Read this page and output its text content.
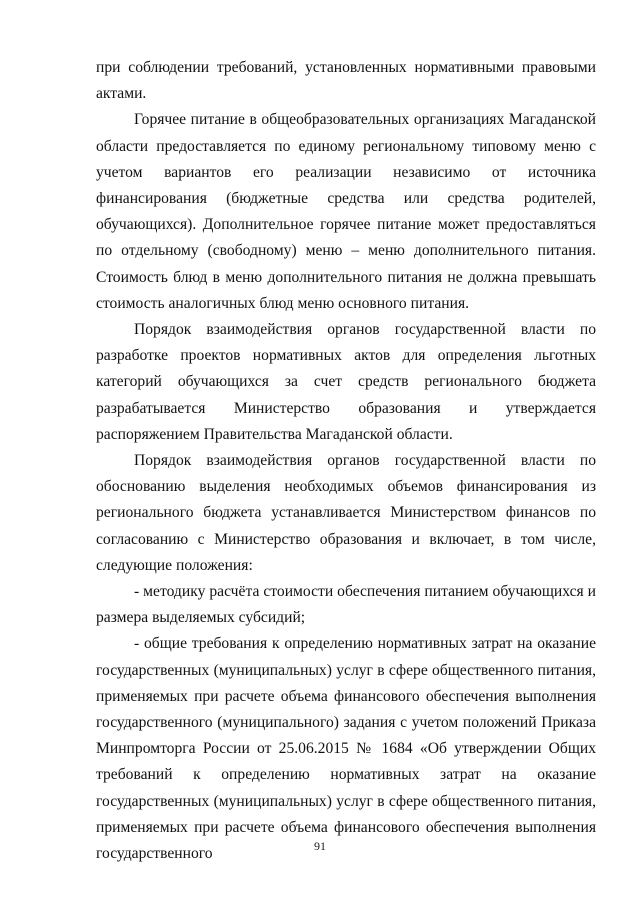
при соблюдении требований, установленных нормативными правовыми актами.

Горячее питание в общеобразовательных организациях Магаданской области предоставляется по единому региональному типовому меню с учетом вариантов его реализации независимо от источника финансирования (бюджетные средства или средства родителей, обучающихся). Дополнительное горячее питание может предоставляться по отдельному (свободному) меню – меню дополнительного питания. Стоимость блюд в меню дополнительного питания не должна превышать стоимость аналогичных блюд меню основного питания.

Порядок взаимодействия органов государственной власти по разработке проектов нормативных актов для определения льготных категорий обучающихся за счет средств регионального бюджета разрабатывается Министерство образования и утверждается распоряжением Правительства Магаданской области.

Порядок взаимодействия органов государственной власти по обоснованию выделения необходимых объемов финансирования из регионального бюджета устанавливается Министерством финансов по согласованию с Министерство образования и включает, в том числе, следующие положения:

- методику расчёта стоимости обеспечения питанием обучающихся и размера выделяемых субсидий;

- общие требования к определению нормативных затрат на оказание государственных (муниципальных) услуг в сфере общественного питания, применяемых при расчете объема финансового обеспечения выполнения государственного (муниципального) задания с учетом положений Приказа Минпромторга России от 25.06.2015 № 1684 «Об утверждении Общих требований к определению нормативных затрат на оказание государственных (муниципальных) услуг в сфере общественного питания, применяемых при расчете объема финансового обеспечения выполнения государственного	91
